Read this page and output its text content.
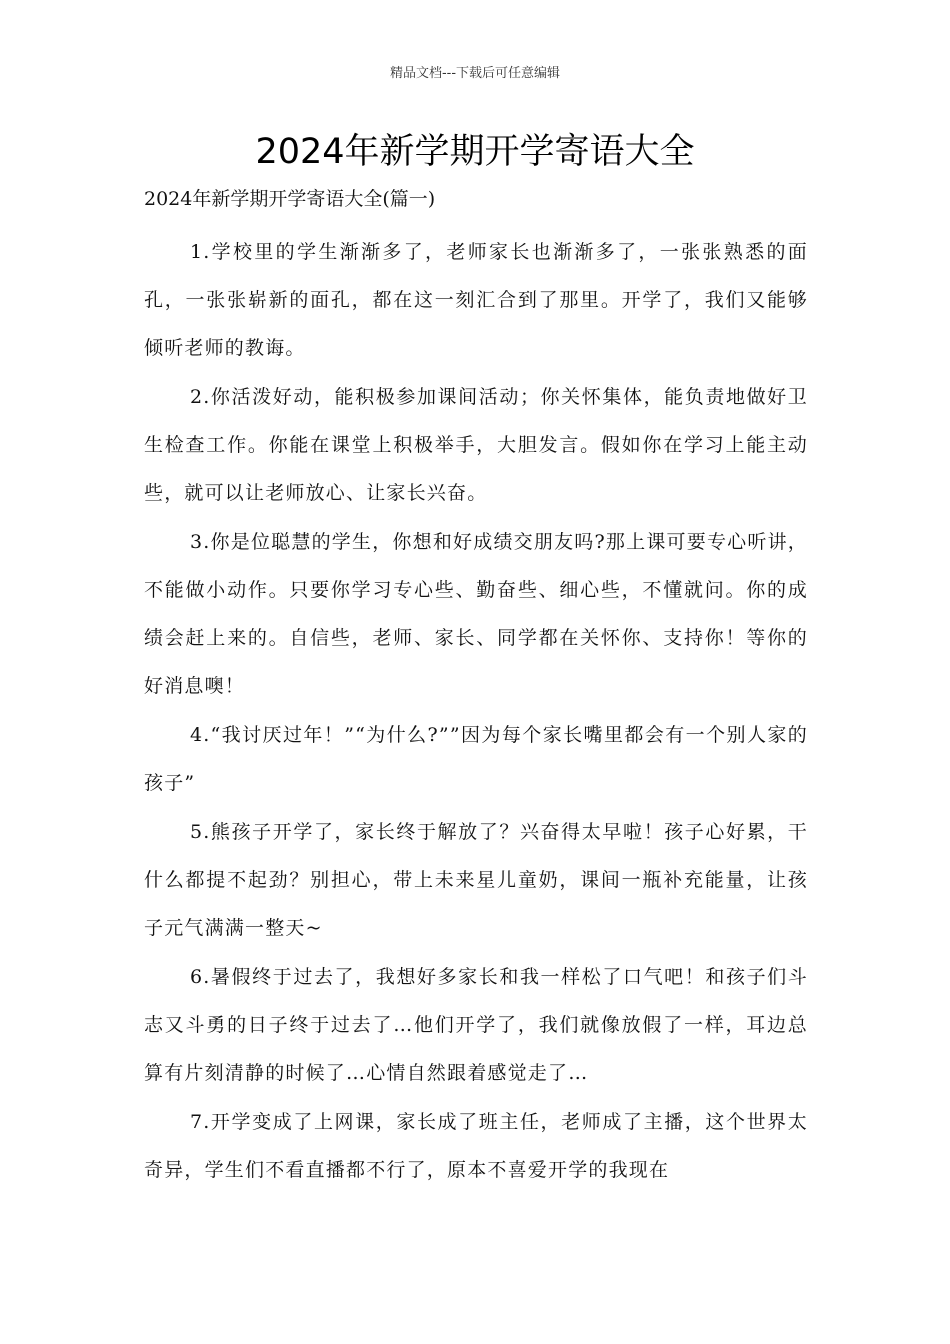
精品文档---下载后可任意编辑
2024年新学期开学寄语大全
2024年新学期开学寄语大全(篇一)

1.学校里的学生渐渐多了，老师家长也渐渐多了，一张张熟悉的面孔，一张张崭新的面孔，都在这一刻汇合到了那里。开学了，我们又能够倾听老师的教诲。

2.你活泼好动，能积极参加课间活动；你关怀集体，能负责地做好卫生检查工作。你能在课堂上积极举手，大胆发言。假如你在学习上能主动些，就可以让老师放心、让家长兴奋。

3.你是位聪慧的学生，你想和好成绩交朋友吗?那上课可要专心听讲，不能做小动作。只要你学习专心些、勤奋些、细心些，不懂就问。你的成绩会赶上来的。自信些，老师、家长、同学都在关怀你、支持你！等你的好消息噢！

4.“我讨厌过年！”“为什么?””因为每个家长嘴里都会有一个别人家的孩子”

5.熊孩子开学了，家长终于解放了？兴奋得太早啦！孩子心好累，干什么都提不起劲？别担心，带上未来星儿童奶，课间一瓶补充能量，让孩子元气满满一整天~

6.暑假终于过去了，我想好多家长和我一样松了口气吧！和孩子们斗志又斗勇的日子终于过去了…他们开学了，我们就像放假了一样，耳边总算有片刻清静的时候了…心情自然跟着感觉走了…

7.开学变成了上网课，家长成了班主任，老师成了主播，这个世界太奇异，学生们不看直播都不行了，原本不喜爱开学的我现在
